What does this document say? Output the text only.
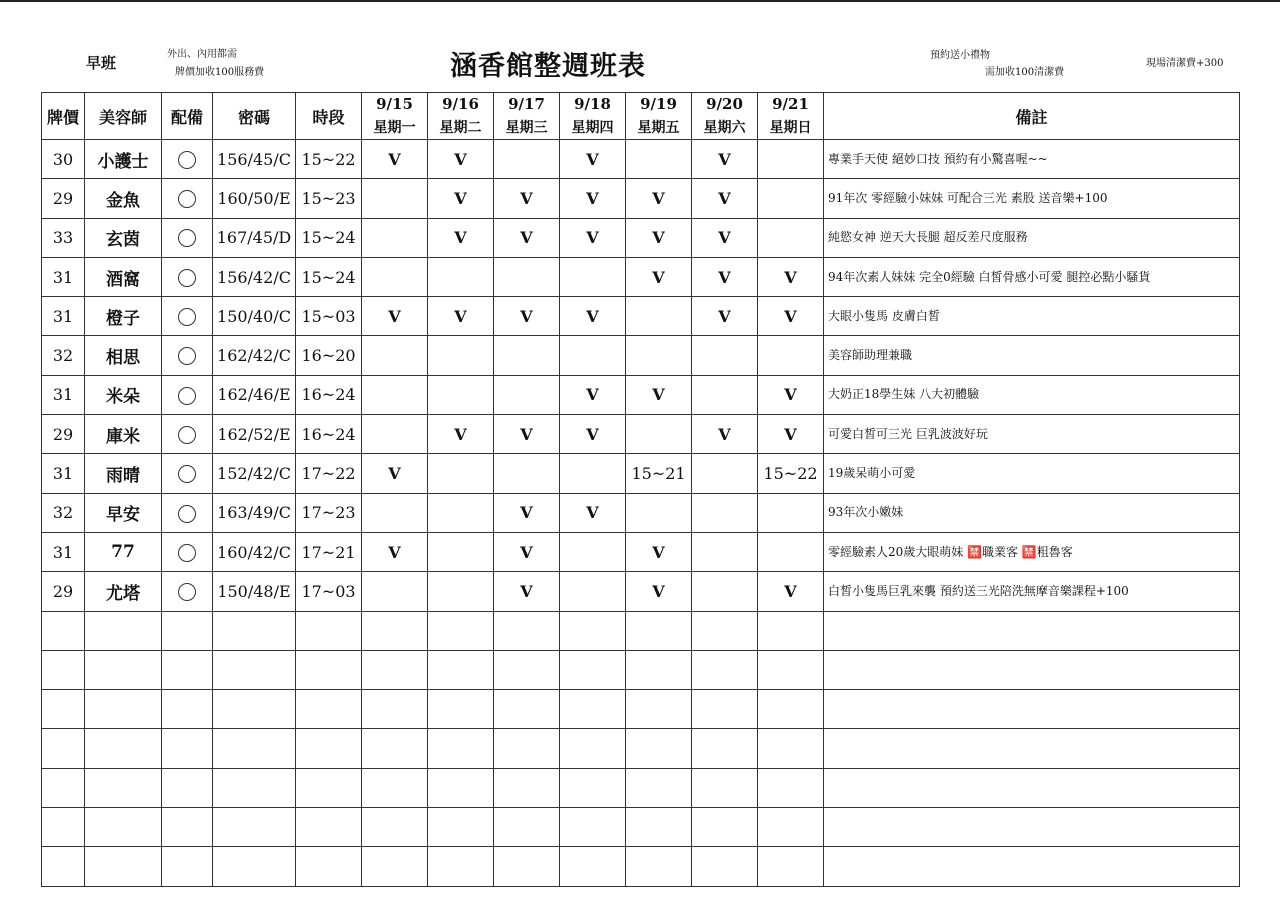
早班	外出、內用都需
牌價加收100服務費	涵香館整週班表	預約送小禮物
需加收100清潔費
現場清潔費+300
牌價	美容師	配備	密碼	時段	9/15	9/16	9/17	9/18	9/19	9/20	9/21	備註
					星期一	星期二	星期三	星期四	星期五	星期六	星期日	
30	小護士		156/45/C	15~22	V	V		V		V		專業手天使 絕妙口技 預約有小驚喜喔~~
29	金魚		160/50/E	15~23		V	V	V	V	V		91年次 零經驗小妹妹 可配合三光 素股 送音樂+100
33	玄茵		167/45/D	15~24		V	V	V	V	V		純慾女神 逆天大長腿 超反差尺度服務
31	酒窩		156/42/C	15~24					V	V	V	94年次素人妹妹 完全0經驗 白皙骨感小可愛 腿控必點小騷貨
31	橙子		150/40/C	15~03	V	V	V	V		V	V	大眼小隻馬 皮膚白皙
32	相思		162/42/C	16~20								美容師助理兼職
31	米朵		162/46/E	16~24				V	V		V	大奶正18學生妹 八大初體驗
29	庫米		162/52/E	16~24		V	V	V		V	V	可愛白皙可三光 巨乳波波好玩
31	雨晴		152/42/C	17~22	V				15~21		15~22	19歲呆萌小可愛
32	早安		163/49/C	17~23			V	V				93年次小嫩妹
31	77		160/42/C	17~21	V		V		V			零經驗素人20歲大眼萌妹 🈲職業客 🈲粗魯客
29	尤塔		150/48/E	17~03			V		V		V	白皙小隻馬巨乳來襲 預約送三光陪洗無摩音樂課程+100
